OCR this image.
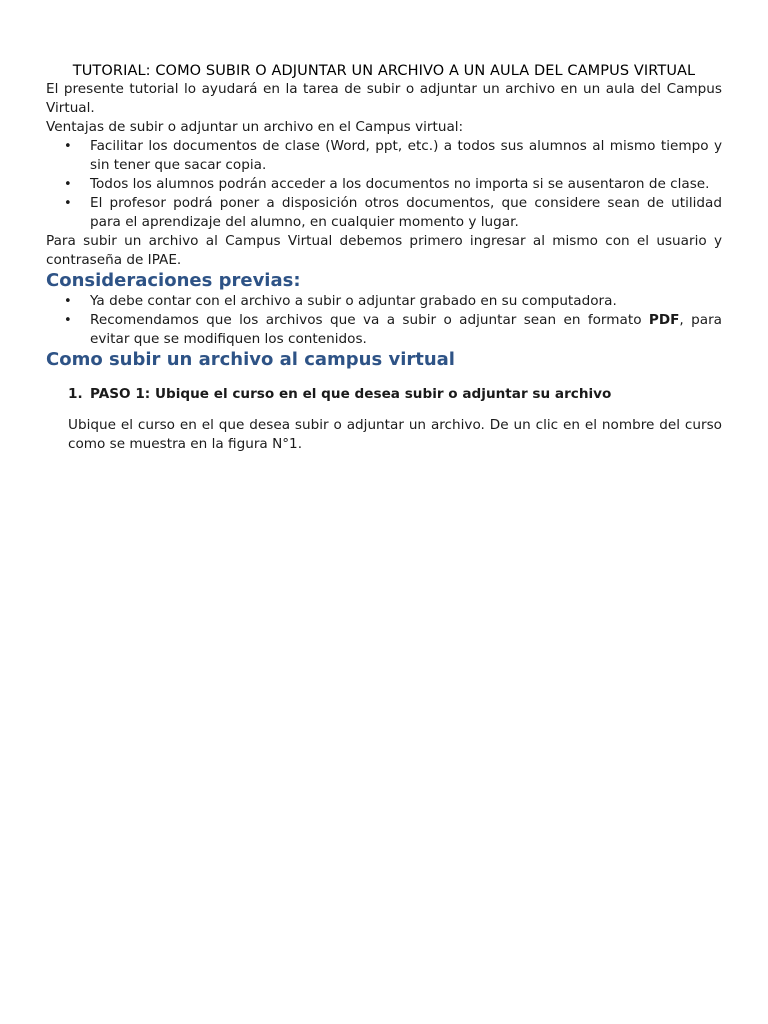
TUTORIAL: COMO SUBIR O ADJUNTAR UN ARCHIVO A UN AULA DEL CAMPUS VIRTUAL

El presente tutorial lo ayudará en la tarea de subir o adjuntar un archivo en un aula del Campus Virtual.

Ventajas de subir o adjuntar un archivo en el Campus virtual:

• Facilitar los documentos de clase (Word, ppt, etc.) a todos sus alumnos al mismo tiempo y sin tener que sacar copia.
• Todos los alumnos podrán acceder a los documentos no importa si se ausentaron de clase.
• El profesor podrá poner a disposición otros documentos, que considere sean de utilidad para el aprendizaje del alumno, en cualquier momento y lugar.

Para subir un archivo al Campus Virtual debemos primero ingresar al mismo con el usuario y contraseña de IPAE.

Consideraciones previas:
• Ya debe contar con el archivo a subir o adjuntar grabado en su computadora.
• Recomendamos que los archivos que va a subir o adjuntar sean en formato PDF, para evitar que se modifiquen los contenidos.
Como subir un archivo al campus virtual
1. PASO 1: Ubique el curso en el que desea subir o adjuntar su archivo

Ubique el curso en el que desea subir o adjuntar un archivo. De un clic en el nombre del curso como se muestra en la figura N°1.
